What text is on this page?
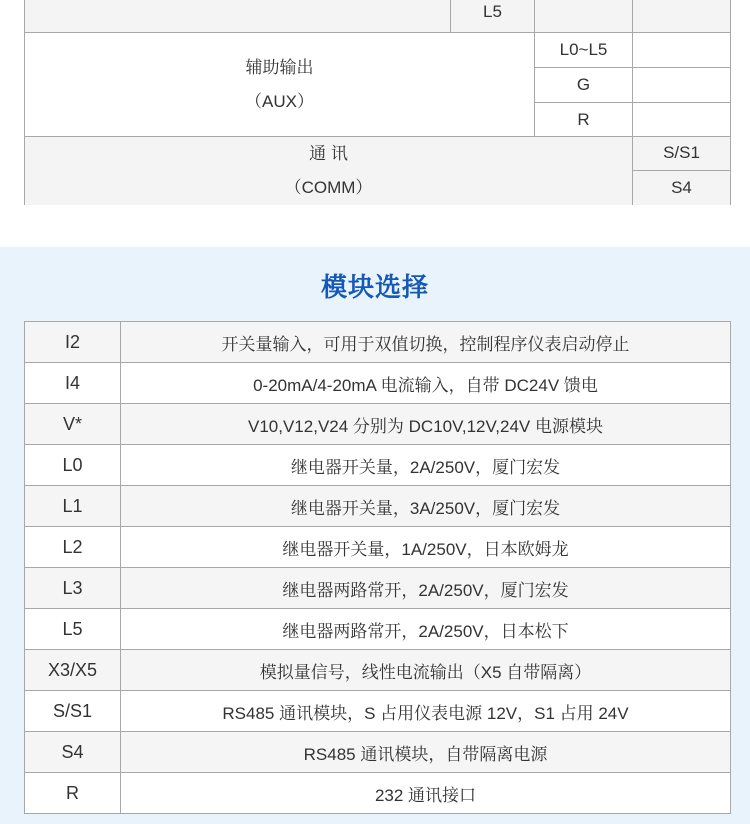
	L5		

辅助输出
（AUX）		L0~L5	
		G	
		R	

通 讯
（COMM）			S/S1
			S4
模块选择
I2	开关量输入，可用于双值切换，控制程序仪表启动停止
I4	0-20mA/4-20mA 电流输入，自带 DC24V 馈电
V*	V10,V12,V24 分别为 DC10V,12V,24V 电源模块
L0	继电器开关量，2A/250V，厦门宏发
L1	继电器开关量，3A/250V，厦门宏发
L2	继电器开关量，1A/250V，日本欧姆龙
L3	继电器两路常开，2A/250V，厦门宏发
L5	继电器两路常开，2A/250V，日本松下
X3/X5	模拟量信号，线性电流输出（X5 自带隔离）
S/S1	RS485 通讯模块，S 占用仪表电源 12V，S1 占用 24V
S4	RS485 通讯模块，自带隔离电源
R	232 通讯接口
